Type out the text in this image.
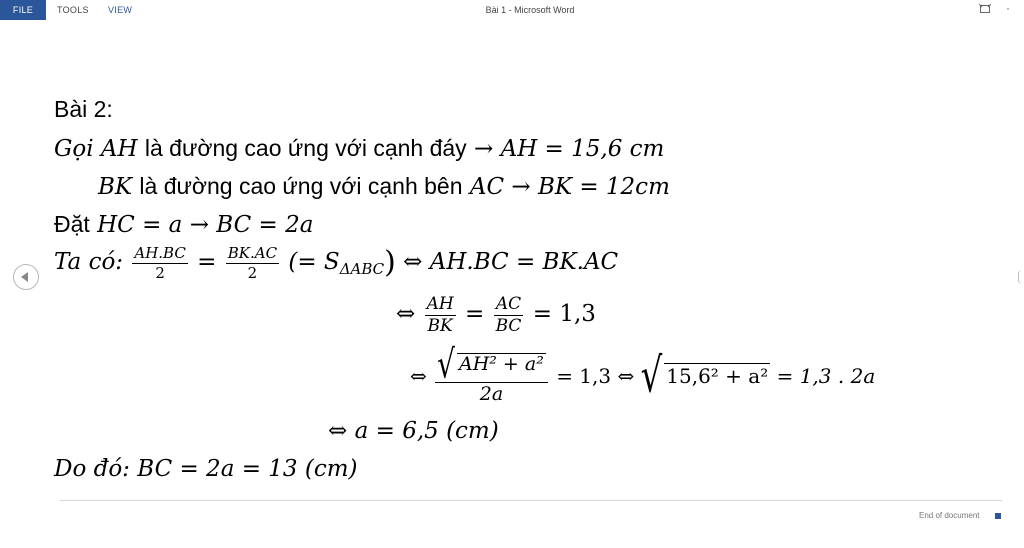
FILE	TOOLS VIEW	Bài 1 - Microsoft Word	·
Bài 2:
Gọi AH là đường cao ứng với cạnh đáy → AH = 15,6 cm
BK là đường cao ứng với cạnh bên AC → BK = 12cm
Đặt HC = a → BC = 2a
Ta có: $\frac{AH.BC}{2} = \frac{BK.AC}{2}$ (= $S_{\Delta ABC}$) ⇔ AH.BC = BK.AC
⇔ $\frac{AH}{BK} = \frac{AC}{BC} = 1,3$
⇔ $\frac{\text{√ AH² + a²}}{2a} = 1,3$ ⇔ √ 15,6² + a² = 1,3 . 2a
⇔ a = 6,5 (cm)
Do đó: BC = 2a = 13 (cm)
End of document
